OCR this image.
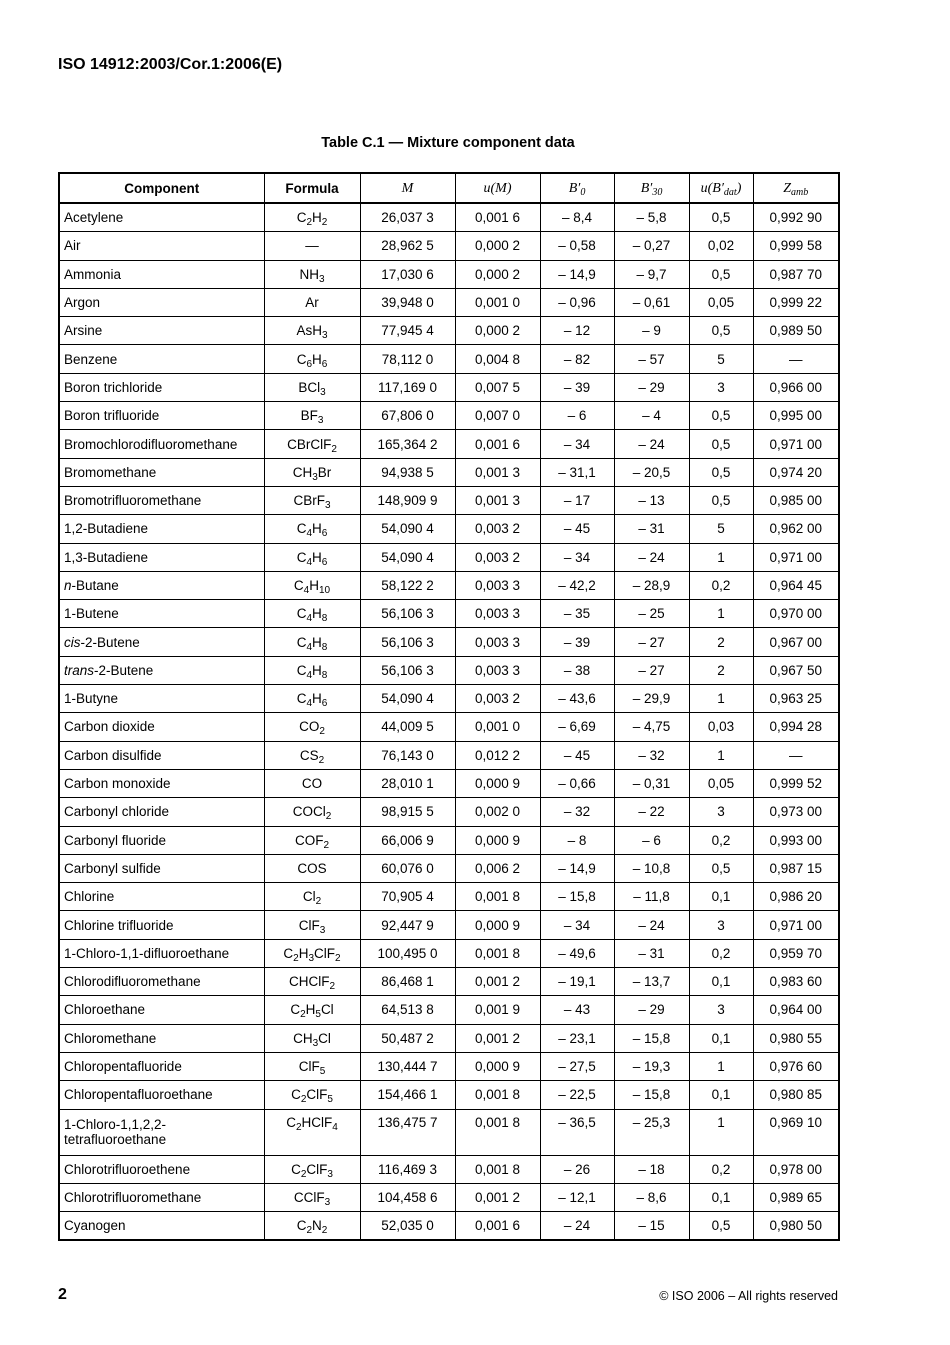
ISO 14912:2003/Cor.1:2006(E)
Table C.1 — Mixture component data
Component	Formula	M	u(M)	$B'_0$	$B'_{30}$	$u(B'_{dat})$	$Z_{amb}$
Acetylene	$C_2H_2$	26,037 3	0,001 6	– 8,4	– 5,8	0,5	0,992 90
Air	—	28,962 5	0,000 2	– 0,58	– 0,27	0,02	0,999 58
Ammonia	$NH_3$	17,030 6	0,000 2	– 14,9	– 9,7	0,5	0,987 70
Argon	Ar	39,948 0	0,001 0	– 0,96	– 0,61	0,05	0,999 22
Arsine	AsH$_3$	77,945 4	0,000 2	– 12	– 9	0,5	0,989 50
Benzene	$C_6H_6$	78,112 0	0,004 8	– 82	– 57	5	—
Boron trichloride	BCl$_3$	117,169 0	0,007 5	– 39	– 29	3	0,966 00
Boron trifluoride	$BF_3$	67,806 0	0,007 0	– 6	– 4	0,5	0,995 00
Bromochlorodifluoromethane	CBrClF$_2$	165,364 2	0,001 6	– 34	– 24	0,5	0,971 00
Bromomethane	$CH_3Br$	94,938 5	0,001 3	– 31,1	– 20,5	0,5	0,974 20
Bromotrifluoromethane	CBrF$_3$	148,909 9	0,001 3	– 17	– 13	0,5	0,985 00
1,2-Butadiene	$C_4H_6$	54,090 4	0,003 2	– 45	– 31	5	0,962 00
1,3-Butadiene	$C_4H_6$	54,090 4	0,003 2	– 34	– 24	1	0,971 00
n-Butane	$C_4H_{10}$	58,122 2	0,003 3	– 42,2	– 28,9	0,2	0,964 45
1-Butene	$C_4H_8$	56,106 3	0,003 3	– 35	– 25	1	0,970 00
cis-2-Butene	$C_4H_8$	56,106 3	0,003 3	– 39	– 27	2	0,967 00
trans-2-Butene	$C_4H_8$	56,106 3	0,003 3	– 38	– 27	2	0,967 50
1-Butyne	$C_4H_6$	54,090 4	0,003 2	– 43,6	– 29,9	1	0,963 25
Carbon dioxide	$CO_2$	44,009 5	0,001 0	– 6,69	– 4,75	0,03	0,994 28
Carbon disulfide	$CS_2$	76,143 0	0,012 2	– 45	– 32	1	—
Carbon monoxide	CO	28,010 1	0,000 9	– 0,66	– 0,31	0,05	0,999 52
Carbonyl chloride	COCl$_2$	98,915 5	0,002 0	– 32	– 22	3	0,973 00
Carbonyl fluoride	$COF_2$	66,006 9	0,000 9	– 8	– 6	0,2	0,993 00
Carbonyl sulfide	COS	60,076 0	0,006 2	– 14,9	– 10,8	0,5	0,987 15
Chlorine	$Cl_2$	70,905 4	0,001 8	– 15,8	– 11,8	0,1	0,986 20
Chlorine trifluoride	ClF$_3$	92,447 9	0,000 9	– 34	– 24	3	0,971 00
1-Chloro-1,1-difluoroethane	$C_2H_3ClF_2$	100,495 0	0,001 8	– 49,6	– 31	0,2	0,959 70
Chlorodifluoromethane	CHClF$_2$	86,468 1	0,001 2	– 19,1	– 13,7	0,1	0,983 60
Chloroethane	$C_2H_5Cl$	64,513 8	0,001 9	– 43	– 29	3	0,964 00
Chloromethane	$CH_3Cl$	50,487 2	0,001 2	– 23,1	– 15,8	0,1	0,980 55
Chloropentafluoride	ClF$_5$	130,444 7	0,000 9	– 27,5	– 19,3	1	0,976 60
Chloropentafluoroethane	$C_2ClF_5$	154,466 1	0,001 8	– 22,5	– 15,8	0,1	0,980 85
1-Chloro-1,1,2,2-
tetrafluoroethane	$C_2HClF_4$	136,475 7	0,001 8	– 36,5	– 25,3	1	0,969 10
Chlorotrifluoroethene	$C_2ClF_3$	116,469 3	0,001 8	– 26	– 18	0,2	0,978 00
Chlorotrifluoromethane	CClF$_3$	104,458 6	0,001 2	– 12,1	– 8,6	0,1	0,989 65
Cyanogen	$C_2N_2$	52,035 0	0,001 6	– 24	– 15	0,5	0,980 50
2	© ISO 2006 – All rights reserved
